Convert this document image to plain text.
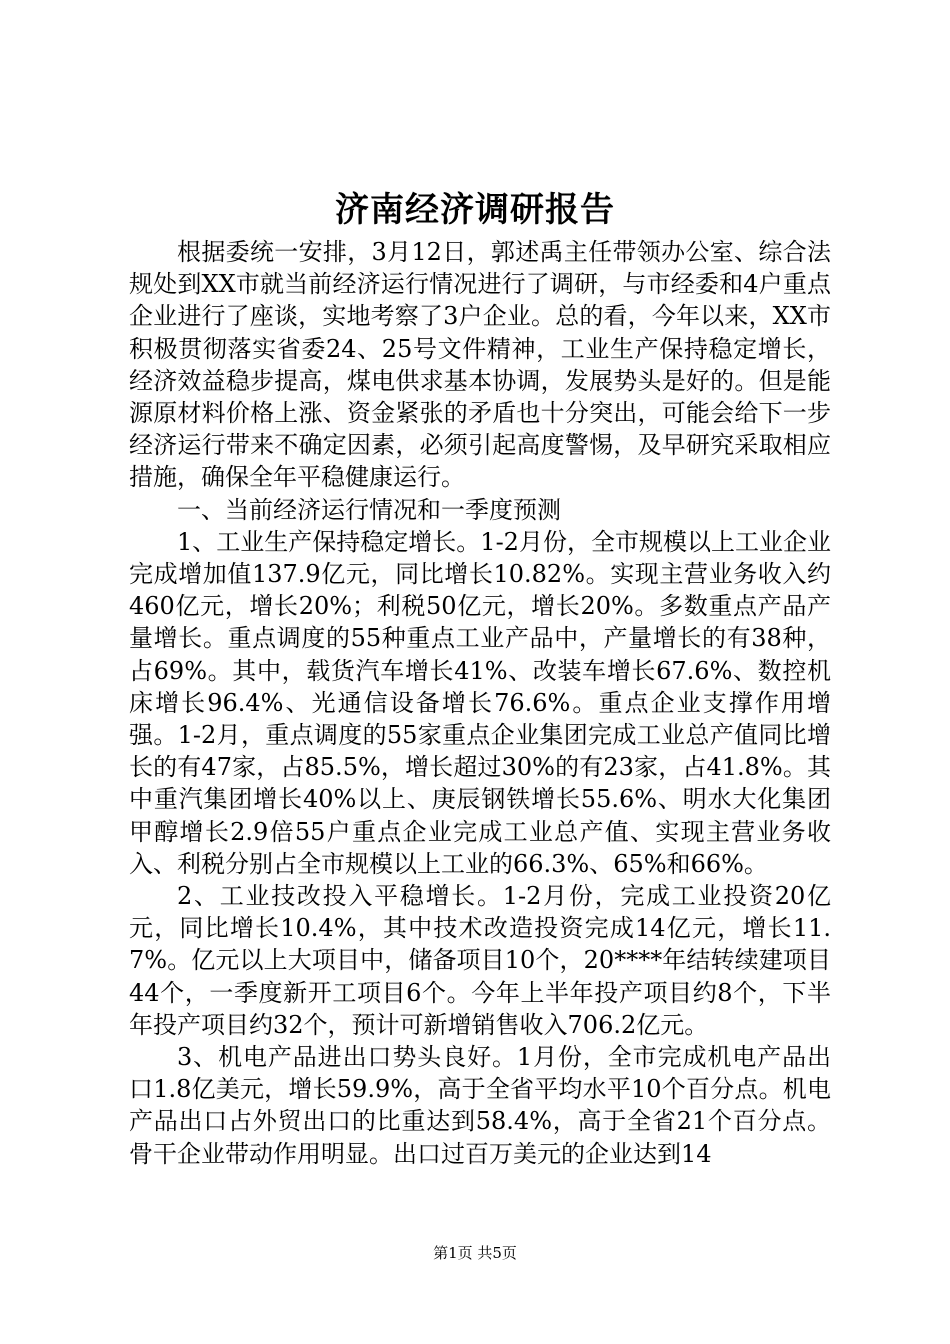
济南经济调研报告

根据委统一安排，3月12日，郭述禹主任带领办公室、综合法规处到XX市就当前经济运行情况进行了调研，与市经委和4户重点企业进行了座谈，实地考察了3户企业。总的看，今年以来，XX市积极贯彻落实省委24、25号文件精神，工业生产保持稳定增长，经济效益稳步提高，煤电供求基本协调，发展势头是好的。但是能源原材料价格上涨、资金紧张的矛盾也十分突出，可能会给下一步经济运行带来不确定因素，必须引起高度警惕，及早研究采取相应措施，确保全年平稳健康运行。

一、当前经济运行情况和一季度预测

1、工业生产保持稳定增长。1-2月份，全市规模以上工业企业完成增加值137.9亿元，同比增长10.82%。实现主营业务收入约460亿元，增长20%；利税50亿元，增长20%。多数重点产品产量增长。重点调度的55种重点工业产品中，产量增长的有38种，占69%。其中，载货汽车增长41%、改装车增长67.6%、数控机床增长96.4%、光通信设备增长76.6%。重点企业支撑作用增强。1-2月，重点调度的55家重点企业集团完成工业总产值同比增长的有47家，占85.5%，增长超过30%的有23家，占41.8%。其中重汽集团增长40%以上、庚辰钢铁增长55.6%、明水大化集团甲醇增长2.9倍55户重点企业完成工业总产值、实现主营业务收入、利税分别占全市规模以上工业的66.3%、65%和66%。

2、工业技改投入平稳增长。1-2月份，完成工业投资20亿元，同比增长10.4%，其中技术改造投资完成14亿元，增长11.7%。亿元以上大项目中，储备项目10个，20****年结转续建项目44个，一季度新开工项目6个。今年上半年投产项目约8个，下半年投产项目约32个，预计可新增销售收入706.2亿元。

3、机电产品进出口势头良好。1月份，全市完成机电产品出口1.8亿美元，增长59.9%，高于全省平均水平10个百分点。机电产品出口占外贸出口的比重达到58.4%，高于全省21个百分点。骨干企业带动作用明显。出口过百万美元的企业达到14

第1页 共5页
